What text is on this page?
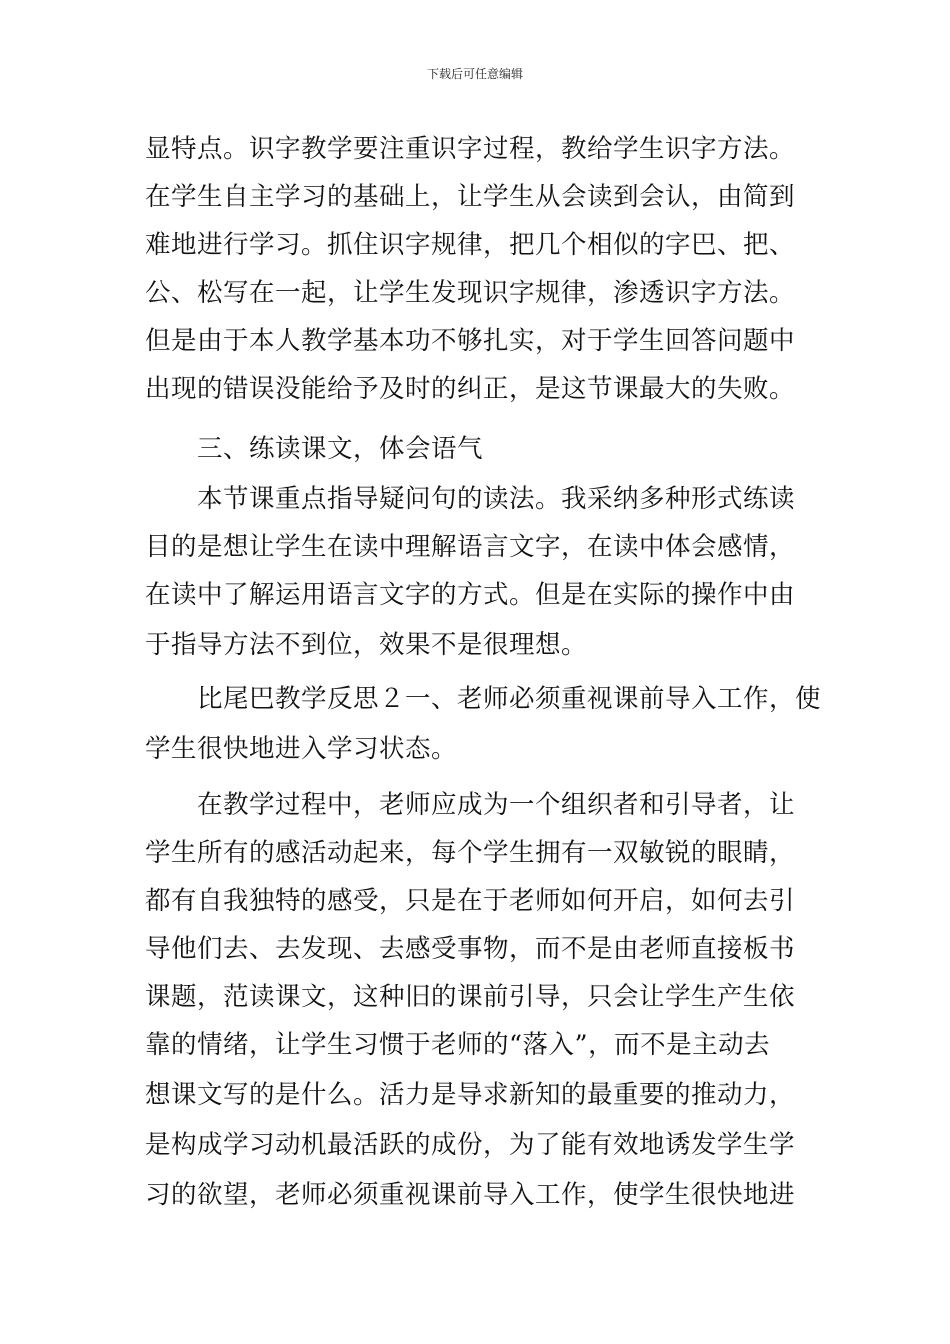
下载后可任意编辑
显特点。识字教学要注重识字过程，教给学生识字方法。
在学生自主学习的基础上，让学生从会读到会认，由简到
难地进行学习。抓住识字规律，把几个相似的字巴、把、
公、松写在一起，让学生发现识字规律，渗透识字方法。
但是由于本人教学基本功不够扎实，对于学生回答问题中
出现的错误没能给予及时的纠正，是这节课最大的失败。
三、练读课文，体会语气
本节课重点指导疑问句的读法。我采纳多种形式练读
目的是想让学生在读中理解语言文字，在读中体会感情，
在读中了解运用语言文字的方式。但是在实际的操作中由
于指导方法不到位，效果不是很理想。
比尾巴教学反思２一、老师必须重视课前导入工作，使
学生很快地进入学习状态。
在教学过程中，老师应成为一个组织者和引导者，让
学生所有的感活动起来，每个学生拥有一双敏锐的眼睛，
都有自我独特的感受，只是在于老师如何开启，如何去引
导他们去、去发现、去感受事物，而不是由老师直接板书
课题，范读课文，这种旧的课前引导，只会让学生产生依
靠的情绪，让学生习惯于老师的“落入”，而不是主动去
想课文写的是什么。活力是导求新知的最重要的推动力，
是构成学习动机最活跃的成份，为了能有效地诱发学生学
习的欲望，老师必须重视课前导入工作，使学生很快地进
